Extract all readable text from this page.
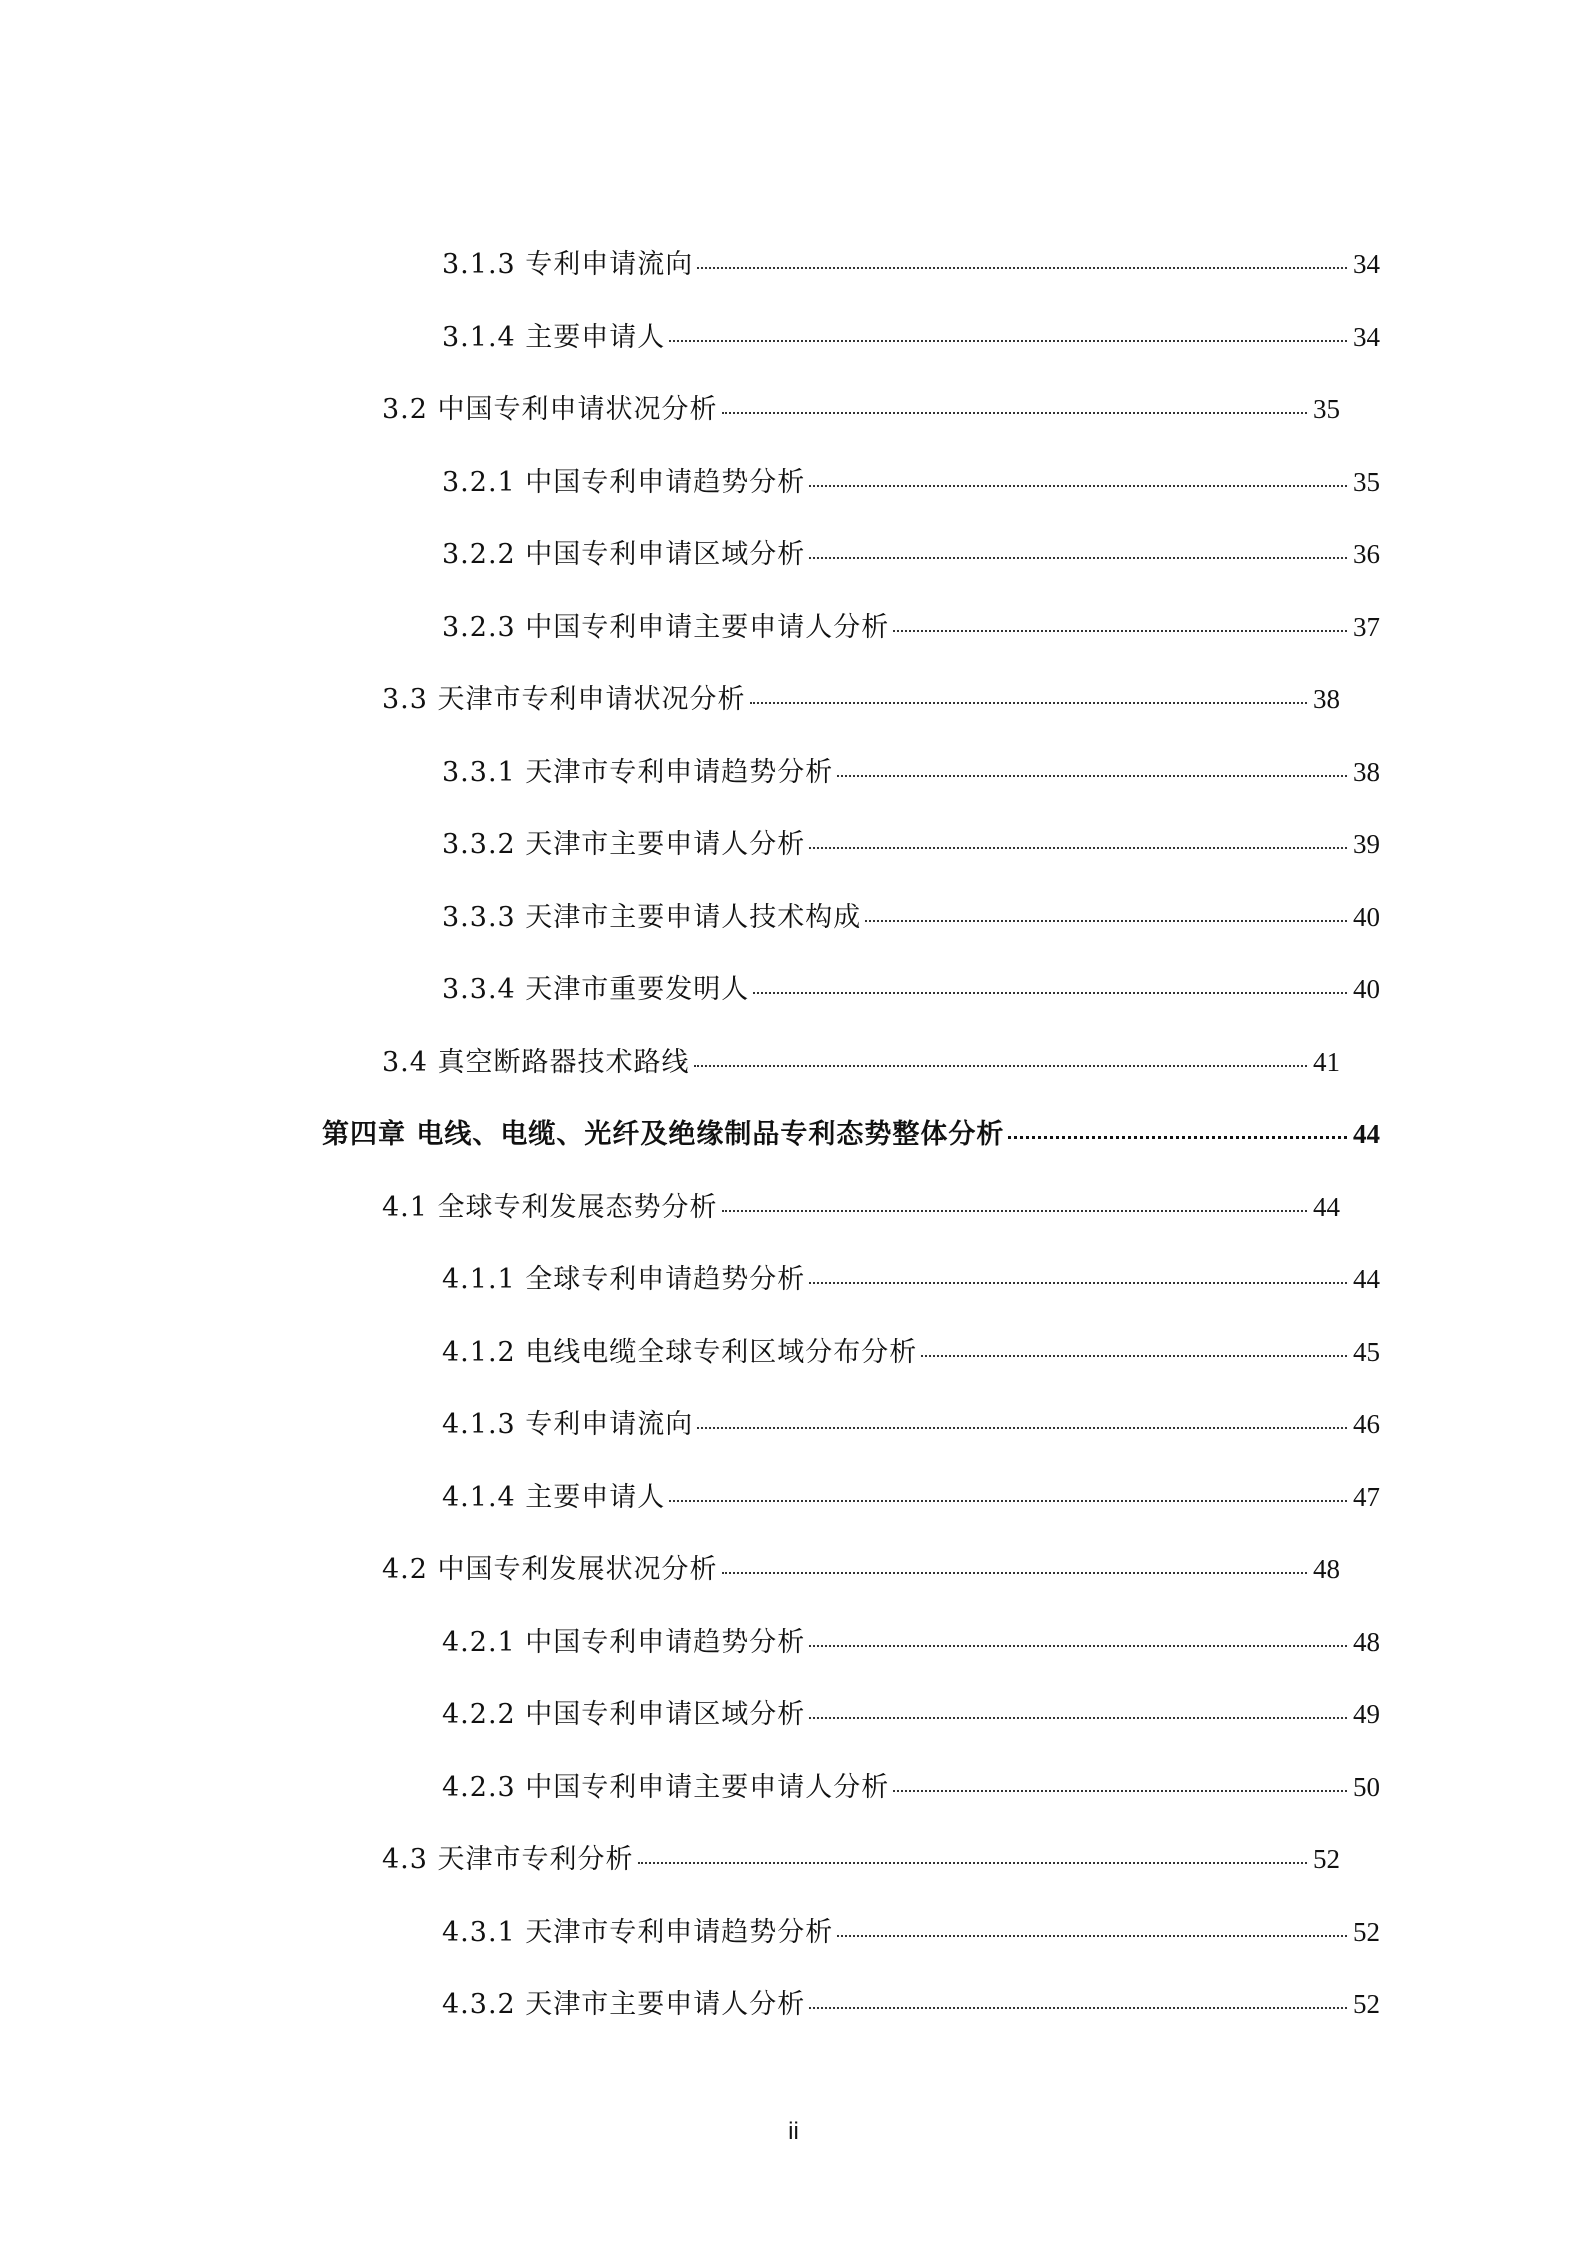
3.1.3 专利申请流向	34
3.1.4 主要申请人	34
3.2 中国专利申请状况分析	35
3.2.1 中国专利申请趋势分析	35
3.2.2 中国专利申请区域分析	36
3.2.3 中国专利申请主要申请人分析	37
3.3 天津市专利申请状况分析	38
3.3.1 天津市专利申请趋势分析	38
3.3.2 天津市主要申请人分析	39
3.3.3 天津市主要申请人技术构成	40
3.3.4 天津市重要发明人	40
3.4 真空断路器技术路线	41
第四章 电线、电缆、光纤及绝缘制品专利态势整体分析	44
4.1 全球专利发展态势分析	44
4.1.1 全球专利申请趋势分析	44
4.1.2 电线电缆全球专利区域分布分析	45
4.1.3 专利申请流向	46
4.1.4 主要申请人	47
4.2 中国专利发展状况分析	48
4.2.1 中国专利申请趋势分析	48
4.2.2 中国专利申请区域分析	49
4.2.3 中国专利申请主要申请人分析	50
4.3 天津市专利分析	52
4.3.1 天津市专利申请趋势分析	52
4.3.2 天津市主要申请人分析	52
ii
